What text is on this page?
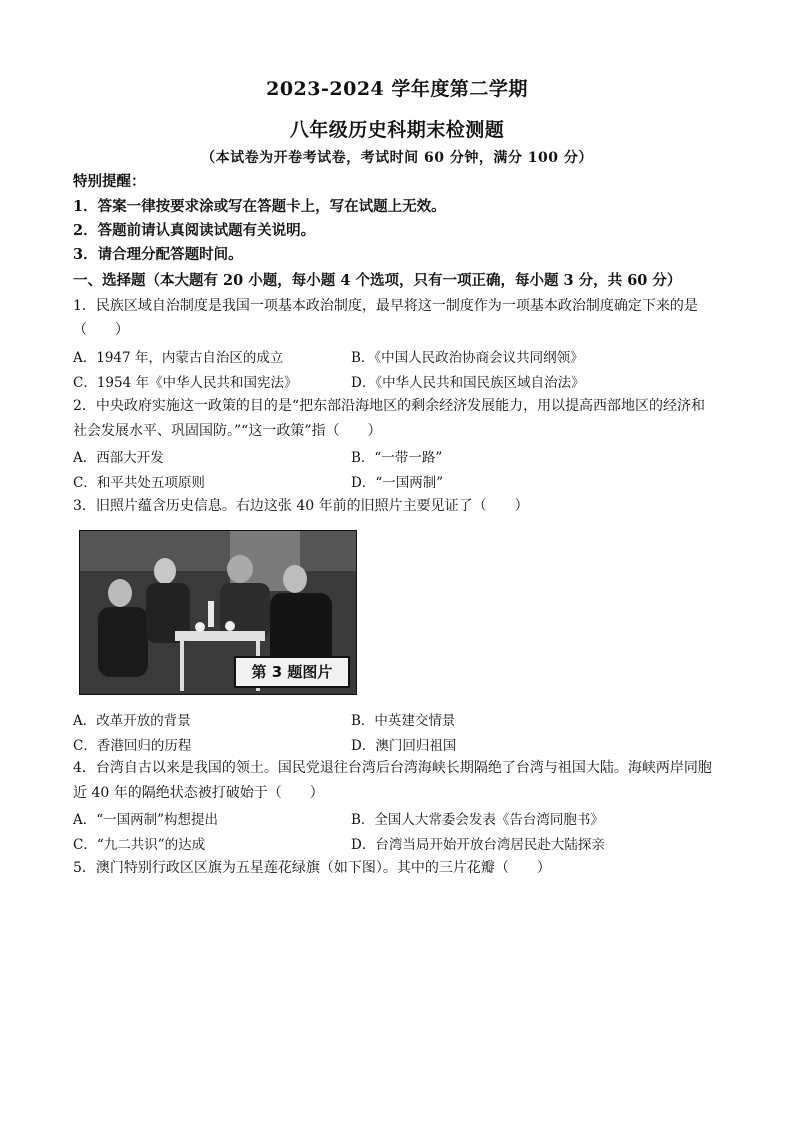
2023-2024 学年度第二学期
八年级历史科期末检测题
（本试卷为开卷考试卷，考试时间 60 分钟，满分 100 分）
特别提醒：
1．答案一律按要求涂或写在答题卡上，写在试题上无效。
2．答题前请认真阅读试题有关说明。
3．请合理分配答题时间。
一、选择题（本大题有 20 小题，每小题 4 个选项，只有一项正确，每小题 3 分，共 60 分）
1．民族区域自治制度是我国一项基本政治制度，最早将这一制度作为一项基本政治制度确定下来的是
（　　）
A．1947 年，内蒙古自治区的成立	B．《中国人民政治协商会议共同纲领》
C．1954 年《中华人民共和国宪法》	D．《中华人民共和国民族区域自治法》
2．中央政府实施这一政策的目的是“把东部沿海地区的剩余经济发展能力，用以提高西部地区的经济和
社会发展水平、巩固国防。”“这一政策”指（　　）
A．西部大开发	B．“一带一路”
C．和平共处五项原则	D．“一国两制”
3．旧照片蕴含历史信息。右边这张 40 年前的旧照片主要见证了（　　）
第 3 题图片
A．改革开放的背景	B．中英建交情景
C．香港回归的历程	D．澳门回归祖国
4．台湾自古以来是我国的领土。国民党退往台湾后台湾海峡长期隔绝了台湾与祖国大陆。海峡两岸同胞
近 40 年的隔绝状态被打破始于（　　）
A．“一国两制”构想提出	B．全国人大常委会发表《告台湾同胞书》
C．“九二共识”的达成	D．台湾当局开始开放台湾居民赴大陆探亲
5．澳门特别行政区区旗为五星莲花绿旗（如下图）。其中的三片花瓣（　　）
